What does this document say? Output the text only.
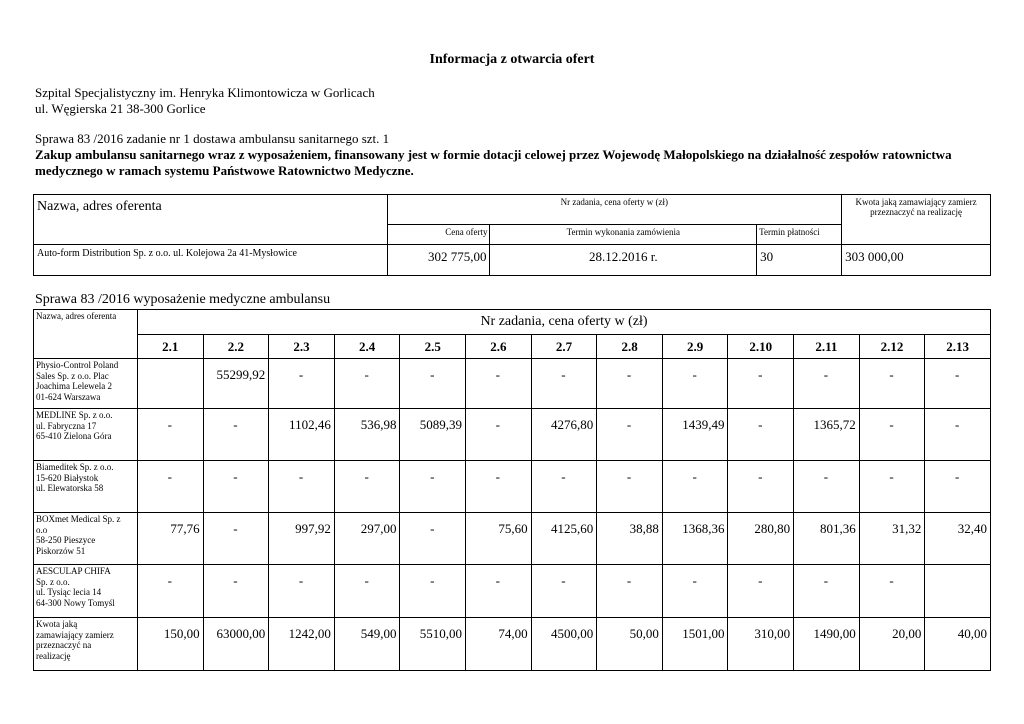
Informacja z otwarcia ofert
Szpital Specjalistyczny im. Henryka Klimontowicza w Gorlicach
ul. Węgierska 21 38-300 Gorlice
Sprawa 83 /2016 zadanie nr 1 dostawa ambulansu sanitarnego szt. 1
Zakup ambulansu sanitarnego wraz z wyposażeniem, finansowany jest w formie dotacji celowej przez Wojewodę Małopolskiego na działalność zespołów ratownictwa
medycznego w ramach systemu Państwowe Ratownictwo Medyczne.
Nazwa, adres oferenta	Nr zadania, cena oferty w (zł)			Kwota jaką zamawiający zamierz przeznaczyć na realizację
	Cena oferty	Termin wykonania zamówienia	Termin płatności	
Auto-form Distribution Sp. z o.o. ul. Kolejowa 2a 41-Mysłowice	302 775,00	28.12.2016 r.	30	303 000,00
Sprawa 83 /2016 wyposażenie medyczne ambulansu
Nazwa, adres oferenta	Nr zadania, cena oferty w (zł)												
	2.1	2.2	2.3	2.4	2.5	2.6	2.7	2.8	2.9	2.10	2.11	2.12	2.13

Physio-Control Poland
Sales Sp. z o.o. Plac
Joachima Lelewela 2
01-624 Warszawa		55299,92	-	-	-	-	-	-	-	-	-	-	-

MEDLINE Sp. z o.o.
ul. Fabryczna 17
65-410 Zielona Góra	-	-	1102,46	536,98	5089,39	-	4276,80	-	1439,49	-	1365,72	-	-

Biameditek Sp. z o.o.
15-620 Białystok
ul. Elewatorska 58	-	-	-	-	-	-	-	-	-	-	-	-	-

BOXmet Medical Sp. z
o.o
58-250 Pieszyce
Piskorzów 51	77,76	-	997,92	297,00	-	75,60	4125,60	38,88	1368,36	280,80	801,36	31,32	32,40

AESCULAP CHIFA
Sp. z o.o.
ul. Tysiąc lecia 14
64-300 Nowy Tomyśl	-	-	-	-	-	-	-	-	-	-	-	-	

Kwota jaką
zamawiający zamierz
przeznaczyć na
realizację	150,00	63000,00	1242,00	549,00	5510,00	74,00	4500,00	50,00	1501,00	310,00	1490,00	20,00	40,00
